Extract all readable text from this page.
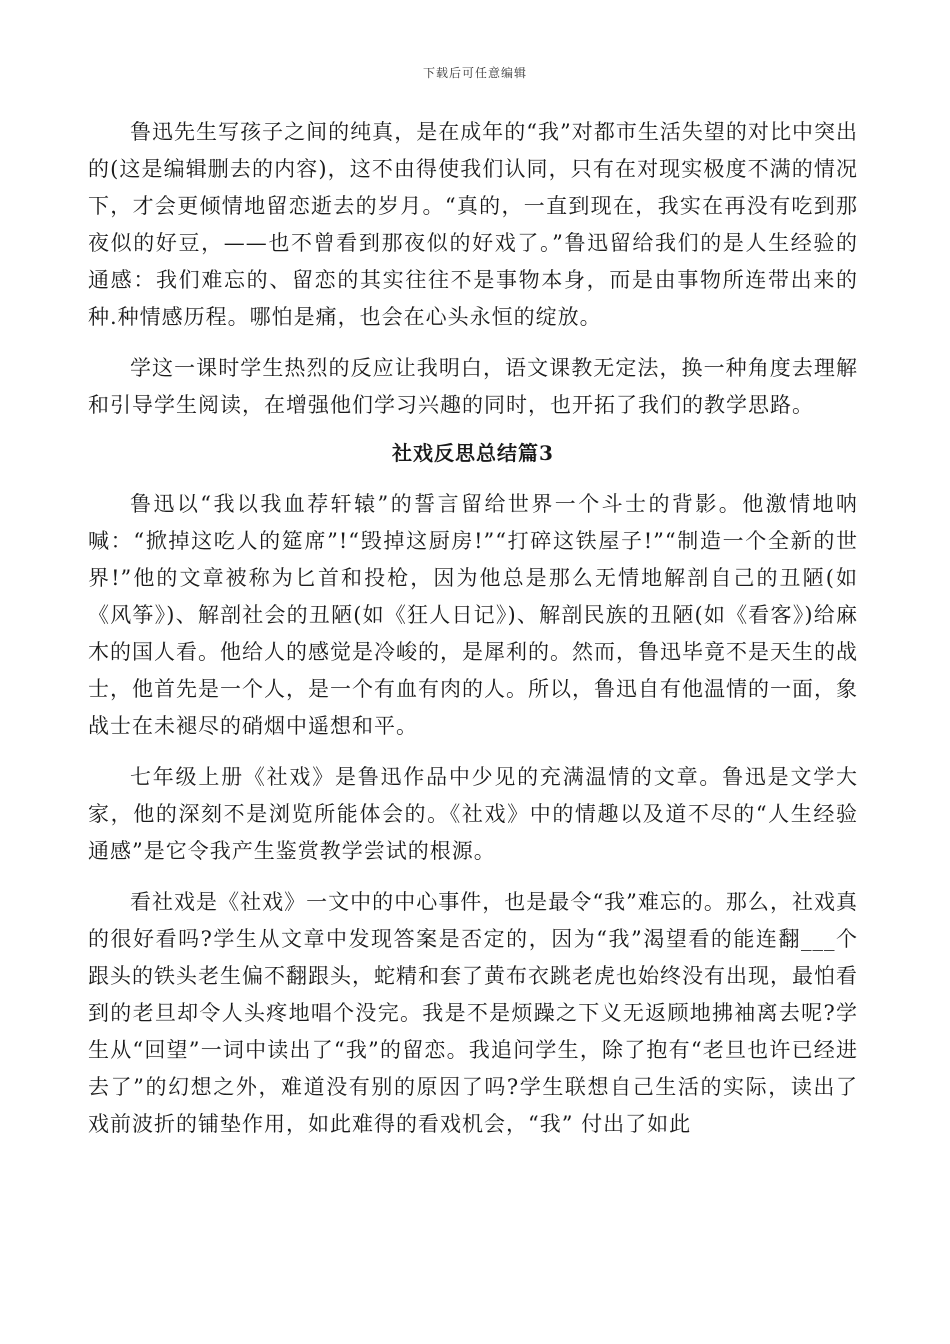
下载后可任意编辑

鲁迅先生写孩子之间的纯真，是在成年的“我”对都市生活失望的对比中突出的(这是编辑删去的内容)，这不由得使我们认同，只有在对现实极度不满的情况下，才会更倾情地留恋逝去的岁月。“真的，一直到现在，我实在再没有吃到那夜似的好豆，——也不曾看到那夜似的好戏了。”鲁迅留给我们的是人生经验的通感：我们难忘的、留恋的其实往往不是事物本身，而是由事物所连带出来的种.种情感历程。哪怕是痛，也会在心头永恒的绽放。

学这一课时学生热烈的反应让我明白，语文课教无定法，换一种角度去理解和引导学生阅读，在增强他们学习兴趣的同时，也开拓了我们的教学思路。

社戏反思总结篇3

鲁迅以“我以我血荐轩辕”的誓言留给世界一个斗士的背影。他激情地呐喊：“掀掉这吃人的筵席”!“毁掉这厨房!”“打碎这铁屋子!”“制造一个全新的世界!”他的文章被称为匕首和投枪，因为他总是那么无情地解剖自己的丑陋(如《风筝》)、解剖社会的丑陋(如《狂人日记》)、解剖民族的丑陋(如《看客》)给麻木的国人看。他给人的感觉是冷峻的，是犀利的。然而，鲁迅毕竟不是天生的战士，他首先是一个人，是一个有血有肉的人。所以，鲁迅自有他温情的一面，象战士在未褪尽的硝烟中遥想和平。

七年级上册《社戏》是鲁迅作品中少见的充满温情的文章。鲁迅是文学大家，他的深刻不是浏览所能体会的。《社戏》中的情趣以及道不尽的“人生经验通感”是它令我产生鉴赏教学尝试的根源。

看社戏是《社戏》一文中的中心事件，也是最令“我”难忘的。那么，社戏真的很好看吗?学生从文章中发现答案是否定的，因为“我”渴望看的能连翻___个跟头的铁头老生偏不翻跟头，蛇精和套了黄布衣跳老虎也始终没有出现，最怕看到的老旦却令人头疼地唱个没完。我是不是烦躁之下义无返顾地拂袖离去呢?学生从“回望”一词中读出了“我”的留恋。我追问学生，除了抱有“老旦也许已经进去了”的幻想之外，难道没有别的原因了吗?学生联想自己生活的实际，读出了戏前波折的铺垫作用，如此难得的看戏机会，“我” 付出了如此
